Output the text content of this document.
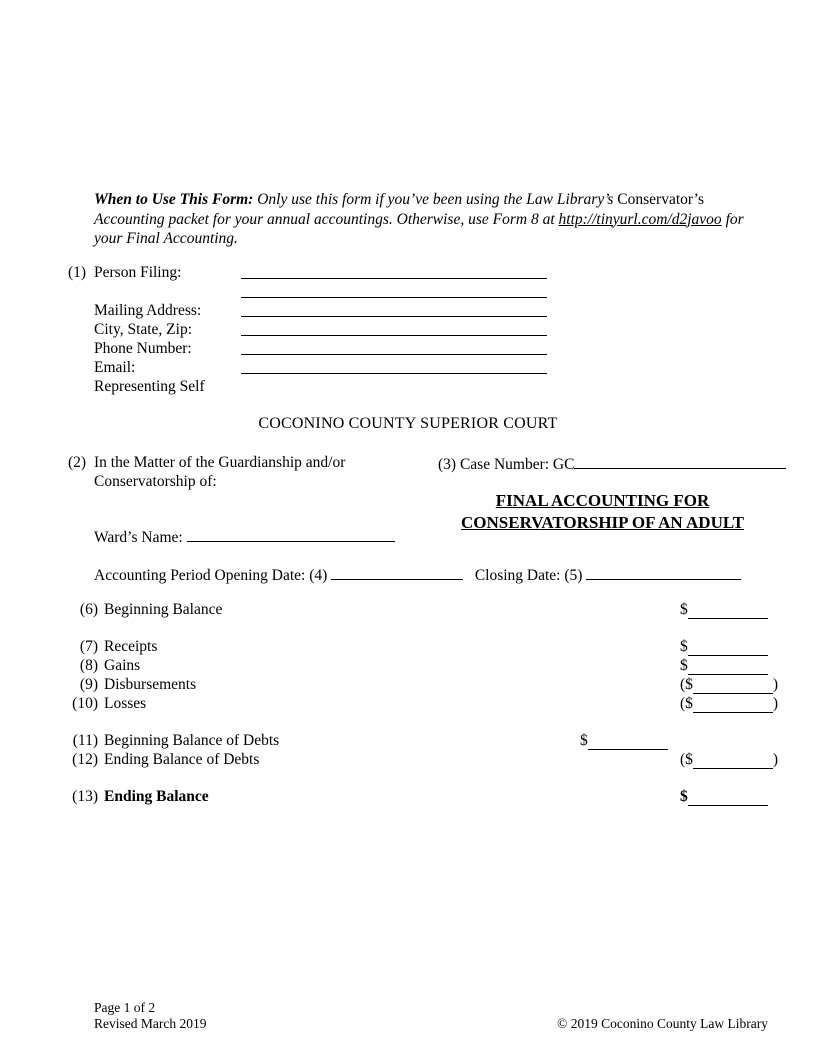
When to Use This Form: Only use this form if you’ve been using the Law Library’s Conservator’s
Accounting packet for your annual accountings. Otherwise, use Form 8 at http://tinyurl.com/d2javoo for your Final Accounting.
(1) Person Filing:
Mailing Address:
City, State, Zip:
Phone Number:
Email:
Representing Self
COCONINO COUNTY SUPERIOR COURT
(2) In the Matter of the Guardianship and/or
Conservatorship of:
(3) Case Number: GC
FINAL ACCOUNTING FOR
CONSERVATORSHIP OF AN ADULT
Ward’s Name:
Accounting Period Opening Date: (4)	Closing Date: (5)
(6) Beginning Balance	$
(7) Receipts	$
(8) Gains	$
(9) Disbursements	($	)
(10) Losses	($	)
(11) Beginning Balance of Debts	$
(12) Ending Balance of Debts	($	)
(13) Ending Balance	$
Page 1 of 2
Revised March 2019	© 2019 Coconino County Law Library
